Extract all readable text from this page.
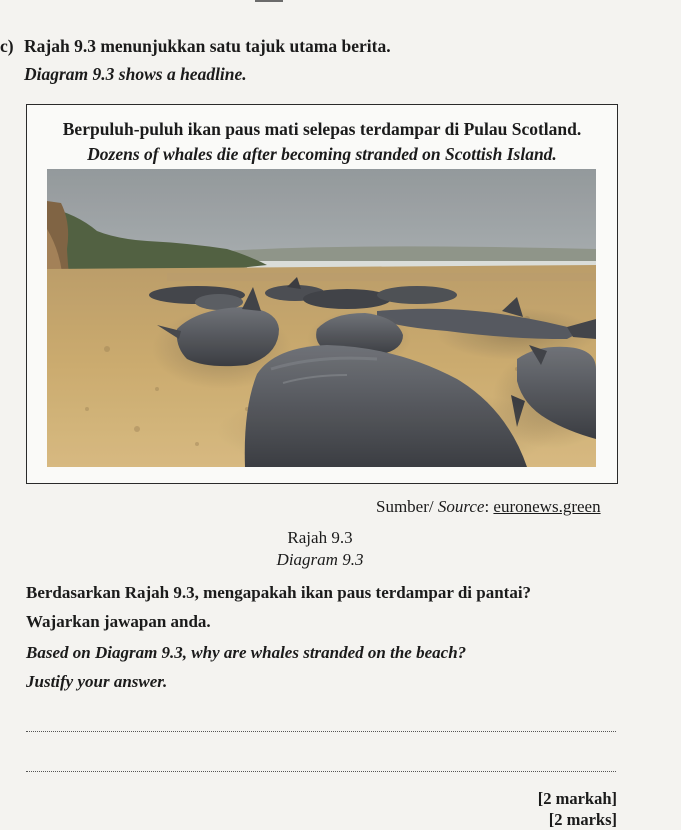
c) Rajah 9.3 menunjukkan satu tajuk utama berita.
Diagram 9.3 shows a headline.
Berpuluh-puluh ikan paus mati selepas terdampar di Pulau Scotland.
Dozens of whales die after becoming stranded on Scottish Island.
Sumber/ Source: euronews.green
Rajah 9.3
Diagram 9.3
Berdasarkan Rajah 9.3, mengapakah ikan paus terdampar di pantai?
Wajarkan jawapan anda.
Based on Diagram 9.3, why are whales stranded on the beach?
Justify your answer.
[2 markah]
[2 marks]
